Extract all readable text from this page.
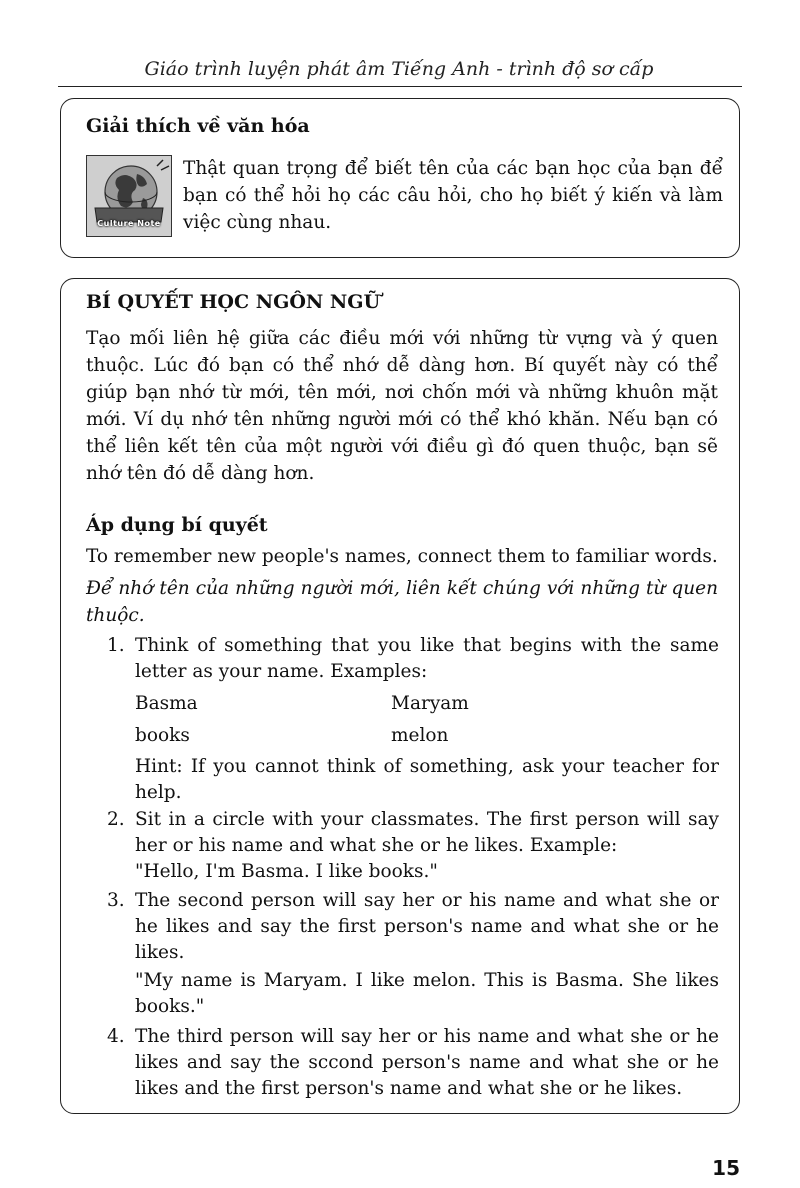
Giáo trình luyện phát âm Tiếng Anh - trình độ sơ cấp
Giải thích về văn hóa
Culture Note
Thật quan trọng để biết tên của các bạn học của bạn để bạn có thể hỏi họ các câu hỏi, cho họ biết ý kiến và làm việc cùng nhau.
BÍ QUYẾT HỌC NGÔN NGỮ
Tạo mối liên hệ giữa các điều mới với những từ vựng và ý quen thuộc. Lúc đó bạn có thể nhớ dễ dàng hơn. Bí quyết này có thể giúp bạn nhớ từ mới, tên mới, nơi chốn mới và những khuôn mặt mới. Ví dụ nhớ tên những người mới có thể khó khăn. Nếu bạn có thể liên kết tên của một người với điều gì đó quen thuộc, bạn sẽ nhớ tên đó dễ dàng hơn.
Áp dụng bí quyết
To remember new people's names, connect them to familiar words.
Để nhớ tên của những người mới, liên kết chúng với những từ quen thuộc.
1. Think of something that you like that begins with the same letter as your name. Examples:
Basma	Maryam
books	melon
Hint: If you cannot think of something, ask your teacher for help.
2. Sit in a circle with your classmates. The first person will say her or his name and what she or he likes. Example:
"Hello, I'm Basma. I like books."
3. The second person will say her or his name and what she or he likes and say the first person's name and what she or he likes.
"My name is Maryam. I like melon. This is Basma. She likes books."
4. The third person will say her or his name and what she or he likes and say the sccond person's name and what she or he likes and the first person's name and what she or he likes.
15
